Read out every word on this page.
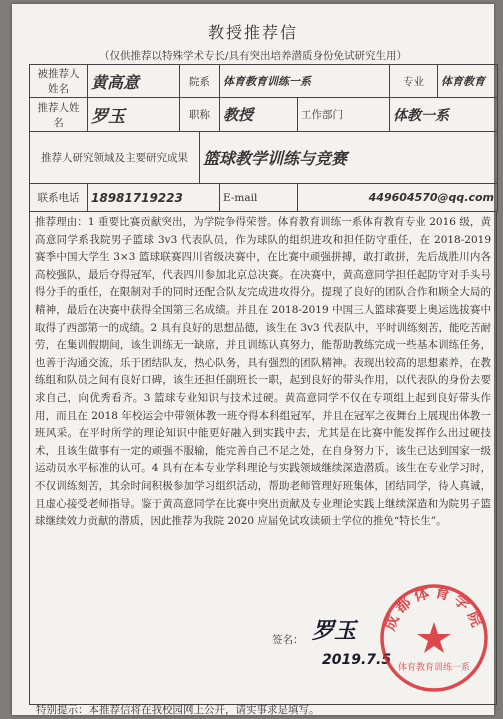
教授推荐信
（仅供推荐以特殊学术专长/具有突出培养潜质身份免试研究生用）
被推荐人姓名	黄高意	院系		体育教育训练一系		专业	体育教育
推荐人姓名	罗玉	职称		教授	工作部门	体教一系	
推荐人研究领域及主要研究成果			篮球教学训练与竞赛				
联系电话	18981719223			E-mail	449604570@qq.com		

推荐理由：1 重要比赛贡献突出，为学院争得荣誉。体育教育训练一系体育教育专业 2016 级，黄高意同学系我院男子篮球 3v3 代表队员，作为球队的组织进攻和担任防守重任，在 2018-2019 赛季中国大学生 3×3 篮球联赛四川省级决赛中，在比赛中顽强拼搏，敢打敢拼，先后战胜川内各高校强队，最后夺得冠军，代表四川参加北京总决赛。在决赛中，黄高意同学担任起防守对手头号得分手的重任，在限制对手的同时还配合队友完成进攻得分。提现了良好的团队合作和顾全大局的精神，最后在决赛中获得全国第三名成绩。并且在 2018-2019 中国三人篮球赛要上奥运选拔赛中取得了西部第一的成绩。2 具有良好的思想品德，该生在 3v3 代表队中，平时训练刻苦，能吃苦耐劳，在集训假期间，该生训练无一缺席，并且训练认真努力，能帮助教练完成一些基本训练任务，也善于沟通交流，乐于团结队友，热心队务，具有强烈的团队精神。表现出较高的思想素养，在教练组和队员之间有良好口碑，该生还担任副班长一职，起到良好的带头作用，以代表队的身份去要求自己，向优秀看齐。3 篮球专业知识与技术过硬。黄高意同学不仅在专项组上起到良好带头作用，而且在 2018 年校运会中带领体教一班夺得本科组冠军，并且在冠军之夜舞台上展现出体教一班风采。在平时所学的理论知识中能更好融入到实践中去，尤其是在比赛中能发挥作么出过硬技术，且该生做事有一定的顽强不服输，能完善自己不足之处，在自身努力下，该生已达到国家一级运动员水平标准的认可。4 具有在本专业学科理论与实践领域继续深造潜质。该生在专业学习时，不仅训练刻苦，其余时间积极参加学习组织活动，帮助老师管理好班集体，团结同学，待人真诚，且虚心接受老师指导。鉴于黄高意同学在比赛中突出贡献及专业理论实践上继续深造和为院男子篮球继续效力贡献的潜质，因此推荐为我院 2020 应届免试攻读硕士学位的推免“特长生”。

签名： 罗玉
2019.7.5
成都体育学院
体育教育训练一系
特别提示：本推荐信将在我校园网上公开，请实事求是填写。
